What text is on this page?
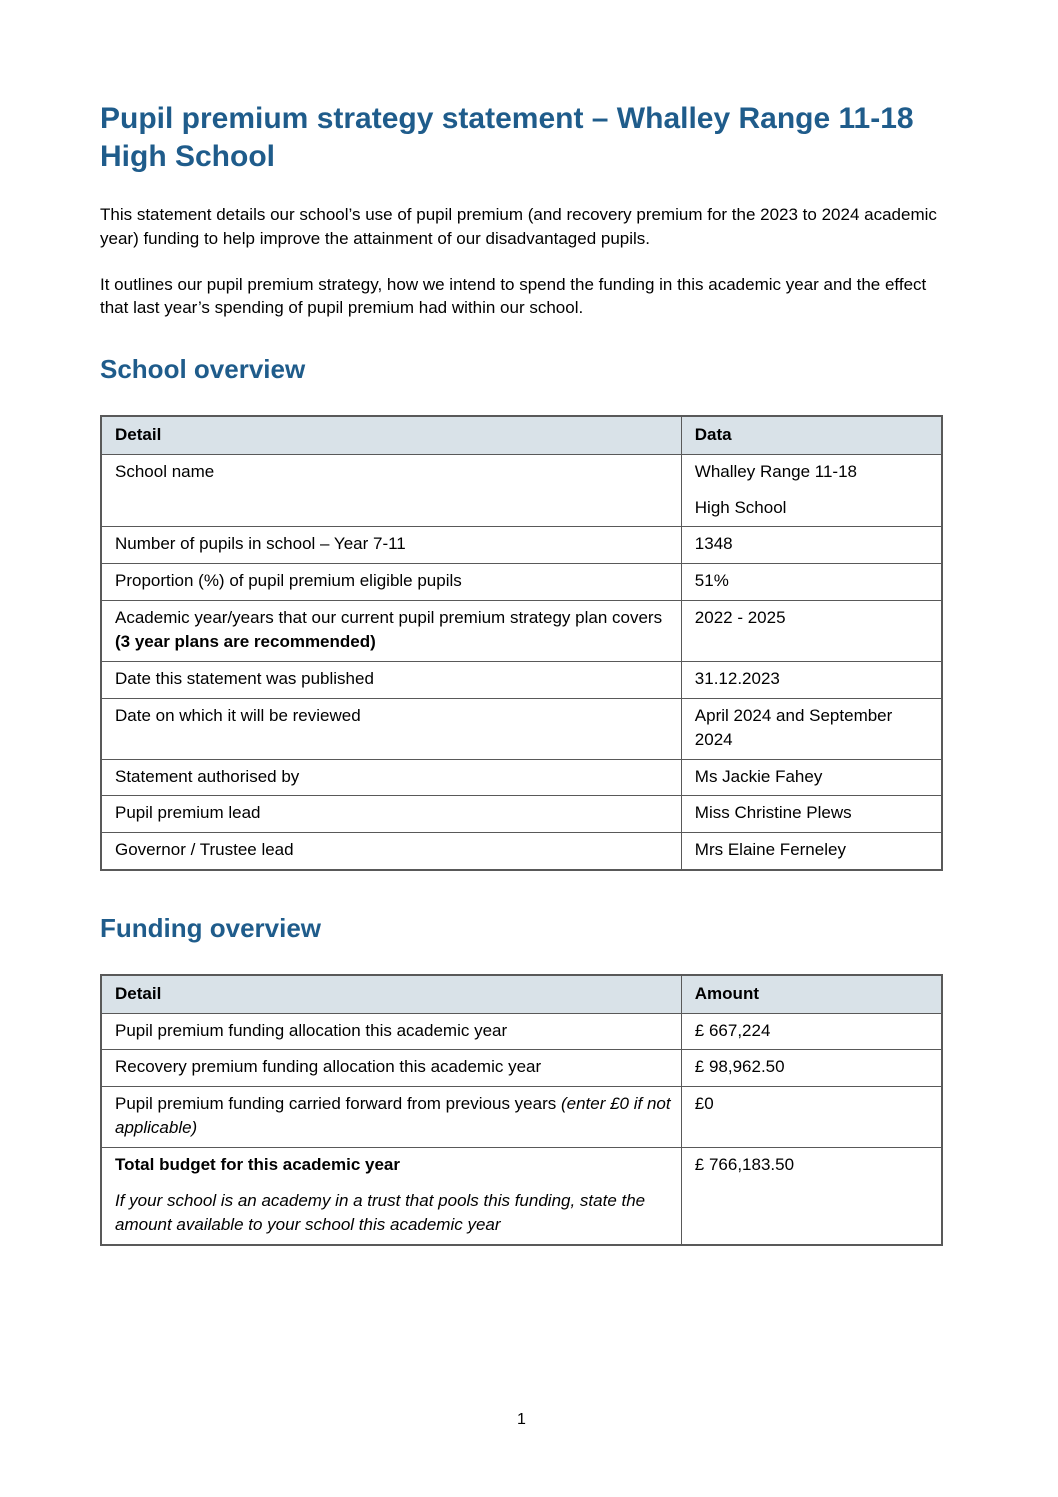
Pupil premium strategy statement – Whalley Range 11-18 High School

This statement details our school’s use of pupil premium (and recovery premium for the 2023 to 2024 academic year) funding to help improve the attainment of our disadvantaged pupils.

It outlines our pupil premium strategy, how we intend to spend the funding in this academic year and the effect that last year’s spending of pupil premium had within our school.

School overview
Detail	Data

School name	Whalley Range 11-18

High School

Number of pupils in school – Year 7-11	1348

Proportion (%) of pupil premium eligible pupils	51%

Academic year/years that our current pupil premium strategy plan covers (3 year plans are recommended)	2022 - 2025

Date this statement was published	31.12.2023

Date on which it will be reviewed	April 2024 and September 2024

Statement authorised by	Ms Jackie Fahey

Pupil premium lead	Miss Christine Plews

Governor / Trustee lead	Mrs Elaine Ferneley

Funding overview
Detail	Amount

Pupil premium funding allocation this academic year	£ 667,224

Recovery premium funding allocation this academic year	£ 98,962.50

Pupil premium funding carried forward from previous years (enter £0 if not applicable)	£0

Total budget for this academic year

If your school is an academy in a trust that pools this funding, state the amount available to your school this academic year	£ 766,183.50

1
